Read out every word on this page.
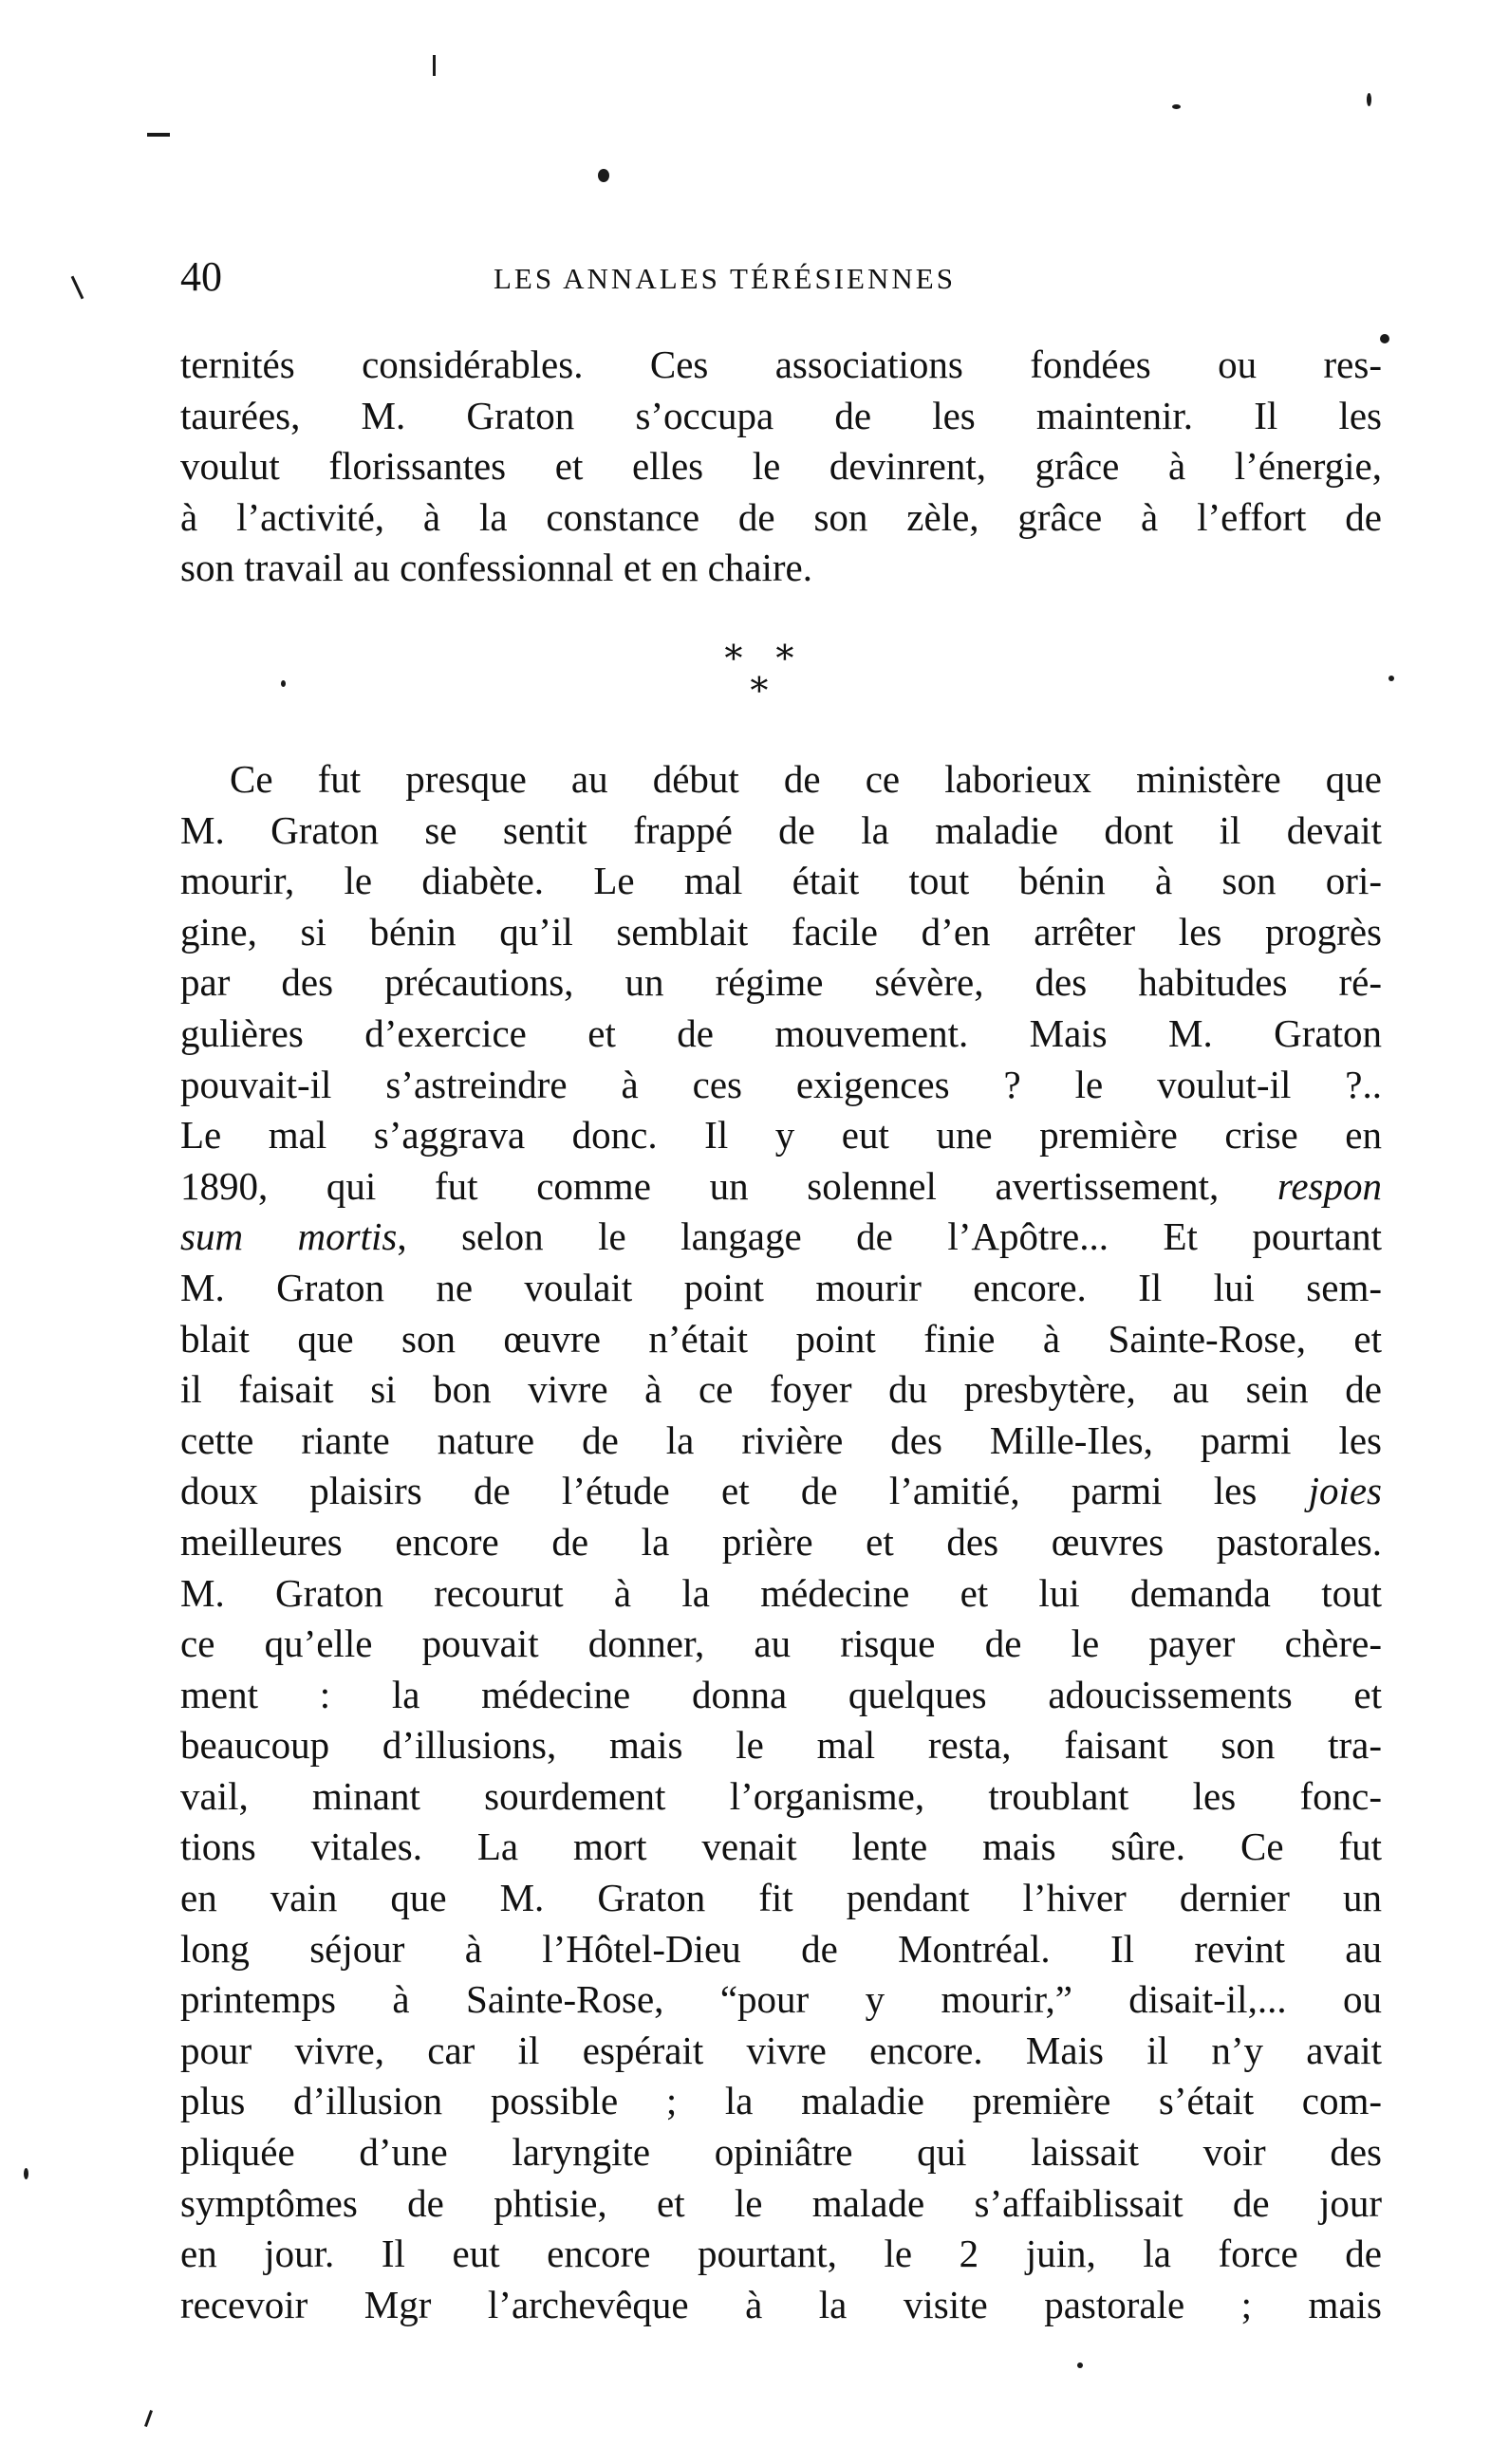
40	LES ANNALES TÉRÉSIENNES
ternités considérables. Ces associations fondées ou res-
taurées, M. Graton s’occupa de les maintenir. Il les
voulut florissantes et elles le devinrent, grâce à l’énergie,
à l’activité, à la constance de son zèle, grâce à l’effort de
son travail au confessionnal et en chaire.
∗ ∗
∗
Ce fut presque au début de ce laborieux ministère que
M. Graton se sentit frappé de la maladie dont il devait
mourir, le diabète. Le mal était tout bénin à son ori-
gine, si bénin qu’il semblait facile d’en arrêter les progrès
par des précautions, un régime sévère, des habitudes ré-
gulières d’exercice et de mouvement. Mais M. Graton
pouvait-il s’astreindre à ces exigences ? le voulut-il ?..
Le mal s’aggrava donc. Il y eut une première crise en
1890, qui fut comme un solennel avertissement, respon
sum mortis, selon le langage de l’Apôtre... Et pourtant
M. Graton ne voulait point mourir encore. Il lui sem-
blait que son œuvre n’était point finie à Sainte-Rose, et
il faisait si bon vivre à ce foyer du presbytère, au sein de
cette riante nature de la rivière des Mille-Iles, parmi les
doux plaisirs de l’étude et de l’amitié, parmi les joies
meilleures encore de la prière et des œuvres pastorales.
M. Graton recourut à la médecine et lui demanda tout
ce qu’elle pouvait donner, au risque de le payer chère-
ment : la médecine donna quelques adoucissements et
beaucoup d’illusions, mais le mal resta, faisant son tra-
vail, minant sourdement l’organisme, troublant les fonc-
tions vitales. La mort venait lente mais sûre. Ce fut
en vain que M. Graton fit pendant l’hiver dernier un
long séjour à l’Hôtel-Dieu de Montréal. Il revint au
printemps à Sainte-Rose, “pour y mourir,” disait-il,... ou
pour vivre, car il espérait vivre encore. Mais il n’y avait
plus d’illusion possible ; la maladie première s’était com-
pliquée d’une laryngite opiniâtre qui laissait voir des
symptômes de phtisie, et le malade s’affaiblissait de jour
en jour. Il eut encore pourtant, le 2 juin, la force de
recevoir Mgr l’archevêque à la visite pastorale ; mais
